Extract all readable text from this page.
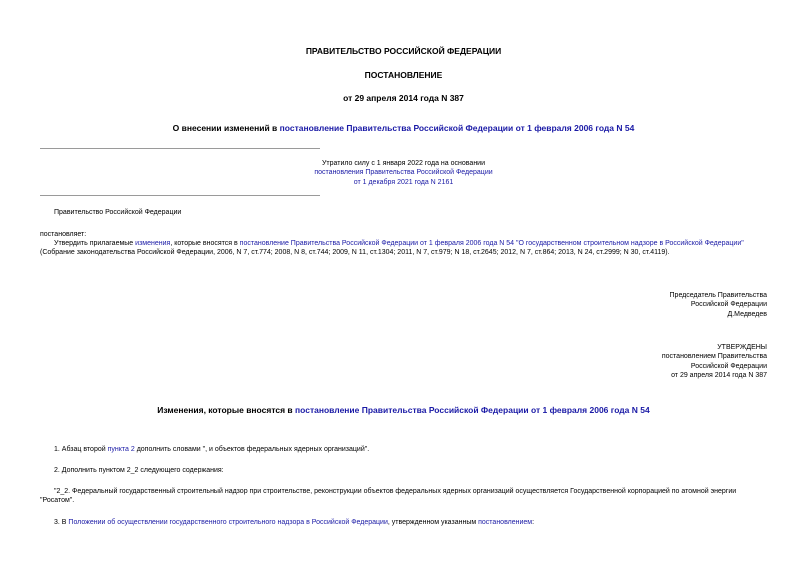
ПРАВИТЕЛЬСТВО РОССИЙСКОЙ ФЕДЕРАЦИИ
ПОСТАНОВЛЕНИЕ
от 29 апреля 2014 года N 387
О внесении изменений в постановление Правительства Российской Федерации от 1 февраля 2006 года N 54
Утратило силу с 1 января 2022 года на основании
постановления Правительства Российской Федерации
от 1 декабря 2021 года N 2161
Правительство Российской Федерации
постановляет:
Утвердить прилагаемые изменения, которые вносятся в постановление Правительства Российской Федерации от 1 февраля 2006 года N 54 "О государственном строительном надзоре в Российской Федерации" (Собрание законодательства Российской Федерации, 2006, N 7, ст.774; 2008, N 8, ст.744; 2009, N 11, ст.1304; 2011, N 7, ст.979; N 18, ст.2645; 2012, N 7, ст.864; 2013, N 24, ст.2999; N 30, ст.4119).
Председатель Правительства
Российской Федерации
Д.Медведев
УТВЕРЖДЕНЫ
постановлением Правительства
Российской Федерации
от 29 апреля 2014 года N 387
Изменения, которые вносятся в постановление Правительства Российской Федерации от 1 февраля 2006 года N 54
1. Абзац второй пункта 2 дополнить словами ", и объектов федеральных ядерных организаций".
2. Дополнить пунктом 2_2 следующего содержания:
"2_2. Федеральный государственный строительный надзор при строительстве, реконструкции объектов федеральных ядерных организаций осуществляется Государственной корпорацией по атомной энергии "Росатом".
3. В Положении об осуществлении государственного строительного надзора в Российской Федерации, утвержденном указанным постановлением:
